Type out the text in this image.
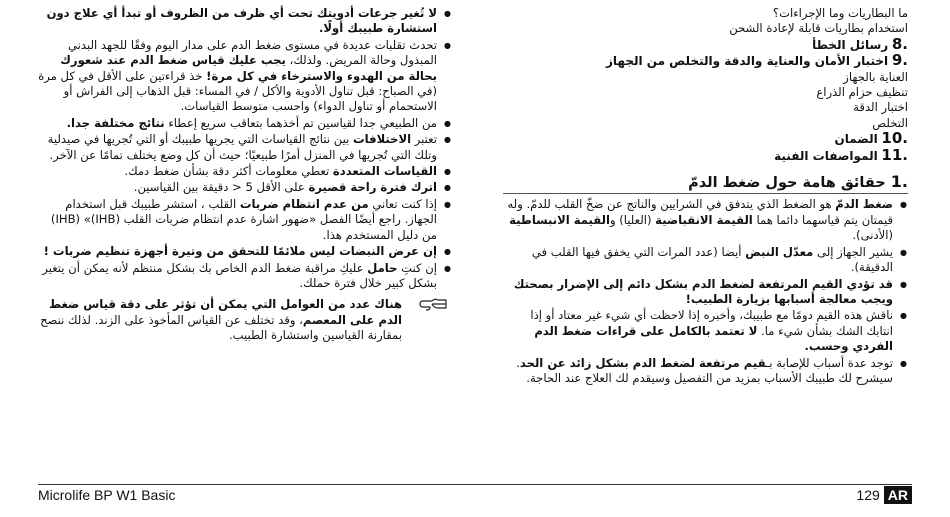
ما البطاريات وما الإجراءات؟
استخدام بطاريات قابلة لإعادة الشحن
.8 رسائل الخطأ
.9 اختبار الأمان والعناية والدقة والتخلص من الجهاز
العناية بالجهاز
تنظيف حزام الذراع
اختبار الدقة
التخلص
.10 الضمان
.11 المواصفات الفنية
.1 حقائق هامة حول ضغط الدمّ
● ضغط الدمّ هو الضغط الذي يتدفق في الشرايين والناتج عن ضخّ القلب للدمّ. وله قيمتان يتم قياسهما دائما هما القيمة الانقباضية (العليا) والقيمة الانبساطية (الأدنى).
● يشير الجهاز إلى معدّل النبض أيضا (عدد المرات التي يخفق فيها القلب في الدقيقة).
● قد تؤدي القيم المرتفعة لضغط الدم بشكل دائم إلى الإضرار بصحتك ويجب معالجة أسبابها بزيارة الطبيب!
● ناقش هذه القيم دومًا مع طبيبك، وأخبره إذا لاحظت أي شيء غير معتاد أو إذا انتابك الشك بشأن شيء ما. لا تعتمد بالكامل على قراءات ضغط الدم الفردي وحسب.
● توجد عدة أسباب للإصابة بـقيم مرتفعة لضغط الدم بشكل زائد عن الحد. سيشرح لك طبيبك الأسباب بمزيد من التفصيل وسيقدم لك العلاج عند الحاجة.
● لا تُغير جرعات أدويتك تحت أي ظرف من الظروف أو تبدأ أي علاج دون استشارة طبيبك أولًا.
● تحدث تقلبات عديدة في مستوى ضغط الدم على مدار اليوم وفقًا للجهد البدني المبذول وحالة المريض. ولذلك، يجب عليك قياس ضغط الدم عند شعورك بحالة من الهدوء والاسترخاء في كل مرة! خذ قراءتين على الأقل في كل مرة (في الصباح: قبل تناول الأدوية والأكل / في المساء: قبل الذهاب إلى الفراش أو الاستحمام أو تناول الدواء) واحسب متوسط القياسات.
● من الطبيعي جدا لقياسين تم أخذهما بتعاقب سريع إعطاء نتائج مختلفة جدا.
● تعتبر الاختلافات بين نتائج القياسات التي يجريها طبيبك أو التي تُجريها في صيدلية وتلك التي تُجريها في المنزل أمرًا طبيعيًا؛ حيث أن كل وضع يختلف تمامًا عن الآخر.
● القياسات المتعددة تعطي معلومات أكثر دقة بشأن ضغط دمك.
● اترك فترة راحة قصيرة على الأقل 5 < دقيقة بين القياسين.
● إذا كنت تعاني من عدم انتظام ضربات القلب ، استشر طبيبك قبل استخدام الجهاز. راجع أيضًا الفصل «ضهور اشارة عدم انتظام ضربات القلب (IHB)» (IHB) من دليل المستخدم هذا.
● إن عرض النبضات ليس ملائمًا للتحقق من وتيرة أجهزة تنظيم ضربات !
● إن كنتِ حامل عليكِ مراقبة ضغط الدم الخاص بك بشكل منتظم لأنه يمكن أن يتغير بشكل كبير خلال فترة حملك.
هناك عدد من العوامل التي يمكن أن تؤثر على دقة قياس ضغط الدم على المعصم، وقد تختلف عن القياس المأخوذ على الزند. لذلك ننصح بمقارنة القياسين واستشارة الطبيب.
Microlife BP W1 Basic	129 AR
